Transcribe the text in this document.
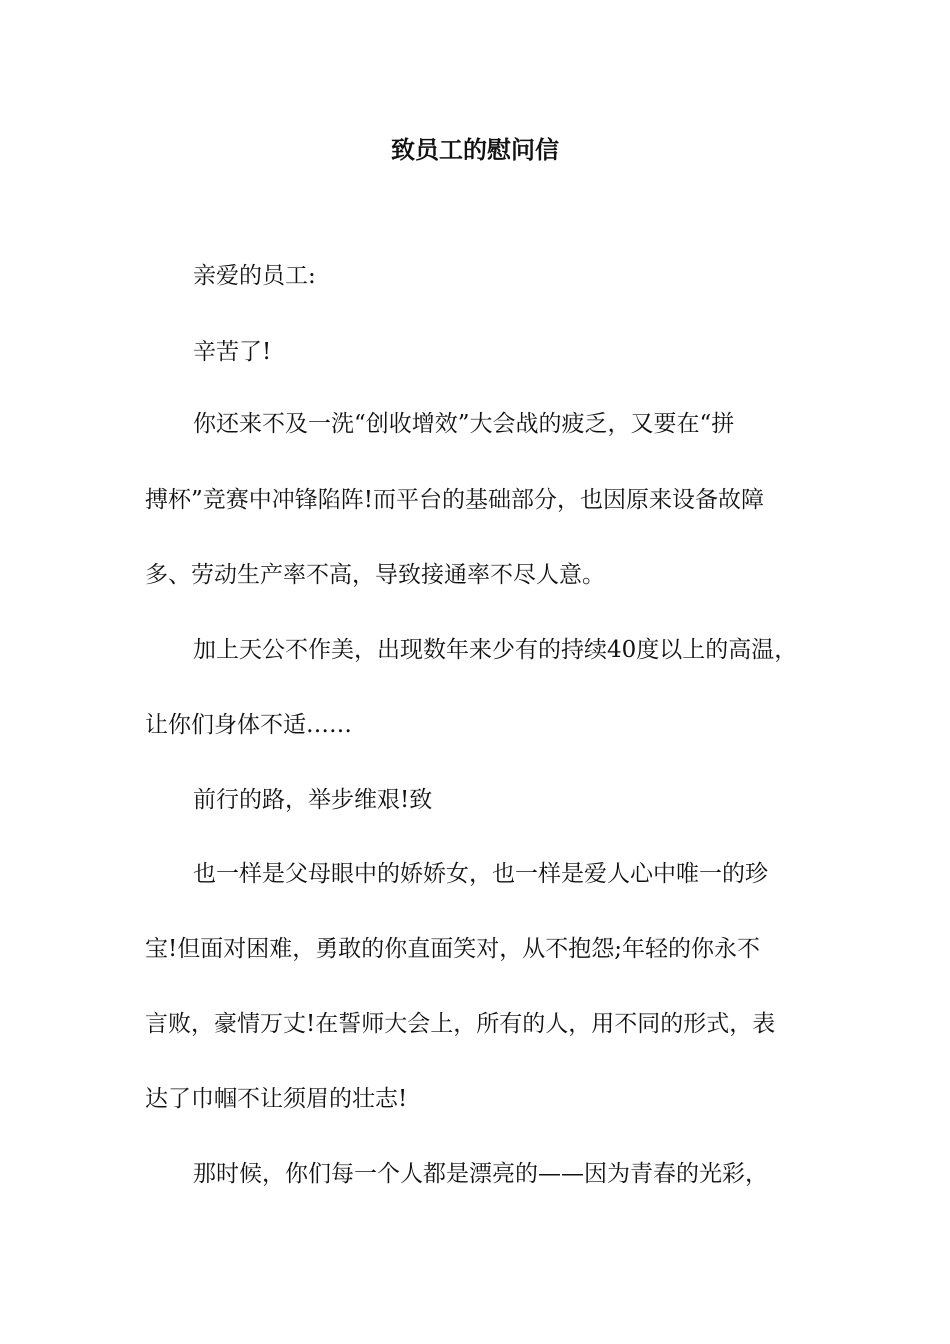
致员工的慰问信

亲爱的员工:

辛苦了!

你还来不及一洗“创收增效”大会战的疲乏，又要在“拼

搏杯”竞赛中冲锋陷阵!而平台的基础部分，也因原来设备故障

多、劳动生产率不高，导致接通率不尽人意。

加上天公不作美，出现数年来少有的持续40度以上的高温，

让你们身体不适……

前行的路，举步维艰!致

也一样是父母眼中的娇娇女，也一样是爱人心中唯一的珍

宝!但面对困难，勇敢的你直面笑对，从不抱怨;年轻的你永不

言败，豪情万丈!在誓师大会上，所有的人，用不同的形式，表

达了巾帼不让须眉的壮志!

那时候，你们每一个人都是漂亮的——因为青春的光彩，
